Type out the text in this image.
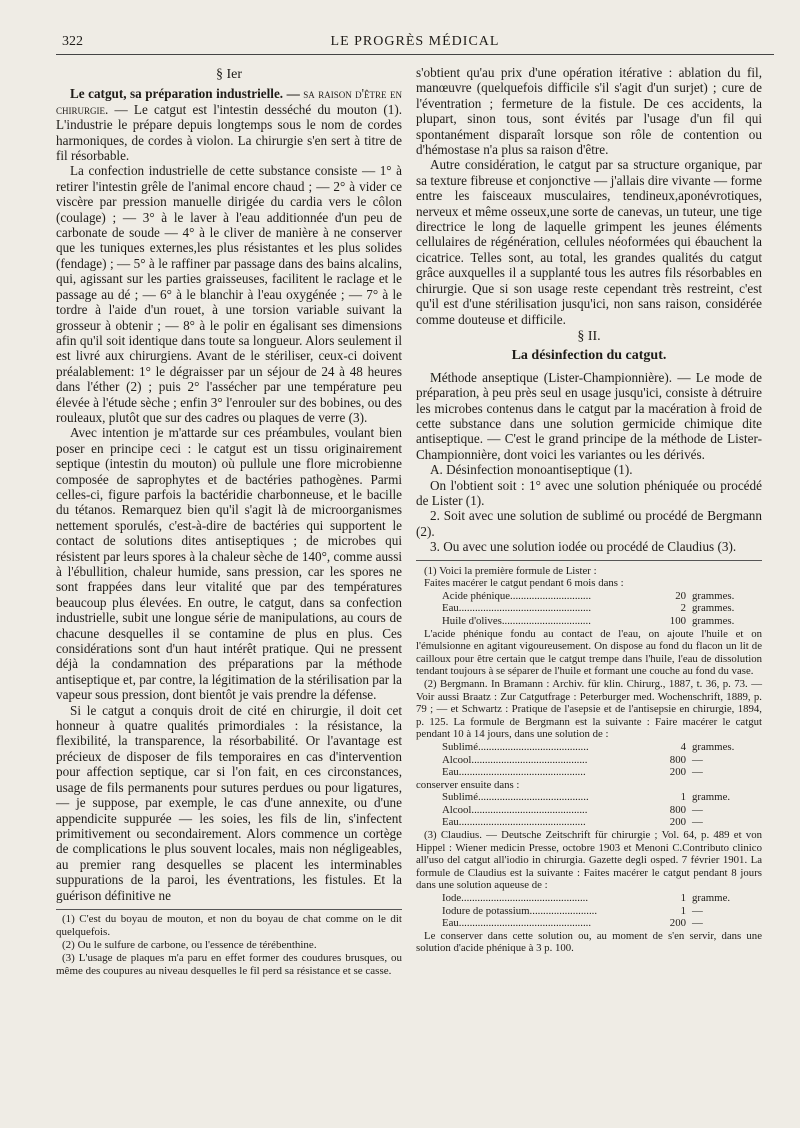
322	LE PROGRÈS MÉDICAL
§ Ier

Le catgut, sa préparation industrielle. — sa raison d'être en chirurgie. — Le catgut est l'intestin desséché du mouton (1). L'industrie le prépare depuis longtemps sous le nom de cordes harmoniques, de cordes à violon. La chirurgie s'en sert à titre de fil résorbable.

La confection industrielle de cette substance consiste — 1° à retirer l'intestin grêle de l'animal encore chaud ; — 2° à vider ce viscère par pression manuelle dirigée du cardia vers le côlon (coulage) ; — 3° à le laver à l'eau additionnée d'un peu de carbonate de soude — 4° à le cliver de manière à ne conserver que les tuniques externes,les plus résistantes et les plus solides (fendage) ; — 5° à le raffiner par passage dans des bains alcalins, qui, agissant sur les parties graisseuses, facilitent le raclage et le passage au dé ; — 6° à le blanchir à l'eau oxygénée ; — 7° à le tordre à l'aide d'un rouet, à une torsion variable suivant la grosseur à obtenir ; — 8° à le polir en égalisant ses dimensions afin qu'il soit identique dans toute sa longueur. Alors seulement il est livré aux chirurgiens. Avant de le stériliser, ceux-ci doivent préalablement: 1° le dégraisser par un séjour de 24 à 48 heures dans l'éther (2) ; puis 2° l'assécher par une température peu élevée à l'étude sèche ; enfin 3° l'enrouler sur des bobines, ou des rouleaux, plutôt que sur des cadres ou plaques de verre (3).

Avec intention je m'attarde sur ces préambules, voulant bien poser en principe ceci : le catgut est un tissu originairement septique (intestin du mouton) où pullule une flore microbienne composée de saprophytes et de bactéries pathogènes. Parmi celles-ci, figure parfois la bactéridie charbonneuse, et le bacille du tétanos. Remarquez bien qu'il s'agit là de microorganismes nettement sporulés, c'est-à-dire de bactéries qui supportent le contact de solutions dites antiseptiques ; de microbes qui résistent par leurs spores à la chaleur sèche de 140°, comme aussi à l'ébullition, chaleur humide, sans pression, car les spores ne sont frappées dans leur vitalité que par des températures beaucoup plus élevées. En outre, le catgut, dans sa confection industrielle, subit une longue série de manipulations, au cours de chacune desquelles il se contamine de plus en plus. Ces considérations sont d'un haut intérêt pratique. Qui ne pressent déjà la condamnation des préparations par la méthode antiseptique et, par contre, la légitimation de la stérilisation par la vapeur sous pression, dont bientôt je vais prendre la défense.

Si le catgut a conquis droit de cité en chirurgie, il doit cet honneur à quatre qualités primordiales : la résistance, la flexibilité, la transparence, la résorbabilité. Or l'avantage est précieux de disposer de fils temporaires en cas d'intervention pour affection septique, car si l'on fait, en ces circonstances, usage de fils permanents pour sutures perdues ou pour ligatures, — je suppose, par exemple, le cas d'une annexite, ou d'une appendicite suppurée — les soies, les fils de lin, s'infectent primitivement ou secondairement. Alors commence un cortège de complications le plus souvent locales, mais non négligeables, au premier rang desquelles se placent les interminables suppurations de la paroi, les éventrations, les fistules. Et la guérison définitive ne

(1) C'est du boyau de mouton, et non du boyau de chat comme on le dit quelquefois.

(2) Ou le sulfure de carbone, ou l'essence de térébenthine.

(3) L'usage de plaques m'a paru en effet former des coudures brusques, ou même des coupures au niveau desquelles le fil perd sa résistance et se casse.

s'obtient qu'au prix d'une opération itérative : ablation du fil, manœuvre (quelquefois difficile s'il s'agit d'un surjet) ; cure de l'éventration ; fermeture de la fistule. De ces accidents, la plupart, sinon tous, sont évités par l'usage d'un fil qui spontanément disparaît lorsque son rôle de contention ou d'hémostase n'a plus sa raison d'être.

Autre considération, le catgut par sa structure organique, par sa texture fibreuse et conjonctive — j'allais dire vivante — forme entre les faisceaux musculaires, tendineux,aponévrotiques, nerveux et même osseux,une sorte de canevas, un tuteur, une tige directrice le long de laquelle grimpent les jeunes éléments cellulaires de régénération, cellules néoformées qui ébauchent la cicatrice. Telles sont, au total, les grandes qualités du catgut grâce auxquelles il a supplanté tous les autres fils résorbables en chirurgie. Que si son usage reste cependant très restreint, c'est qu'il est d'une stérilisation jusqu'ici, non sans raison, considérée comme douteuse et difficile.

§ II.
La désinfection du catgut.

Méthode anseptique (Lister-Championnière). — Le mode de préparation, à peu près seul en usage jusqu'ici, consiste à détruire les microbes contenus dans le catgut par la macération à froid de cette substance dans une solution germicide chimique dite antiseptique. — C'est le grand principe de la méthode de Lister-Championnière, dont voici les variantes ou les dérivés.

A. Désinfection monoantiseptique (1).

On l'obtient soit : 1° avec une solution phéniquée ou procédé de Lister (1).

2. Soit avec une solution de sublimé ou procédé de Bergmann (2).

3. Ou avec une solution iodée ou procédé de Claudius (3).

(1) Voici la première formule de Lister :

Faites macérer le catgut pendant 6 mois dans :

Acide phénique..............................	20 grammes.
Eau.................................................	2 grammes.
Huile d'olives.................................	100 grammes.

L'acide phénique fondu au contact de l'eau, on ajoute l'huile et on l'émulsionne en agitant vigoureusement. On dispose au fond du flacon un lit de cailloux pour être certain que le catgut trempe dans l'huile, l'eau de dissolution tendant toujours à se séparer de l'huile et formant une couche au fond du vase.

(2) Bergmann. In Bramann : Archiv. für klin. Chirurg., 1887, t. 36, p. 73. — Voir aussi Braatz : Zur Catgutfrage : Peterburger med. Wochenschrift, 1889, p. 79 ; — et Schwartz : Pratique de l'asepsie et de l'antisepsie en chirurgie, 1894, p. 125. La formule de Bergmann est la suivante : Faire macérer le catgut pendant 10 à 14 jours, dans une solution de :

Sublimé.........................................	4 grammes.
Alcool...........................................	800 —
Eau...............................................	200 —

conserver ensuite dans :

Sublimé.........................................	1 gramme.
Alcool...........................................	800 —
Eau...............................................	200 —

(3) Claudius. — Deutsche Zeitschrift für chirurgie ; Vol. 64, p. 489 et von Hippel : Wiener medicin Presse, octobre 1903 et Menoni C.Contributo clinico all'uso del catgut all'iodio in chirurgia. Gazette degli osped. 7 février 1901. La formule de Claudius est la suivante : Faites macérer le catgut pendant 8 jours dans une solution aqueuse de :

Iode...............................................	1 gramme.
Iodure de potassium.........................	1 —
Eau.................................................	200 —

Le conserver dans cette solution ou, au moment de s'en servir, dans une solution d'acide phénique à 3 p. 100.
